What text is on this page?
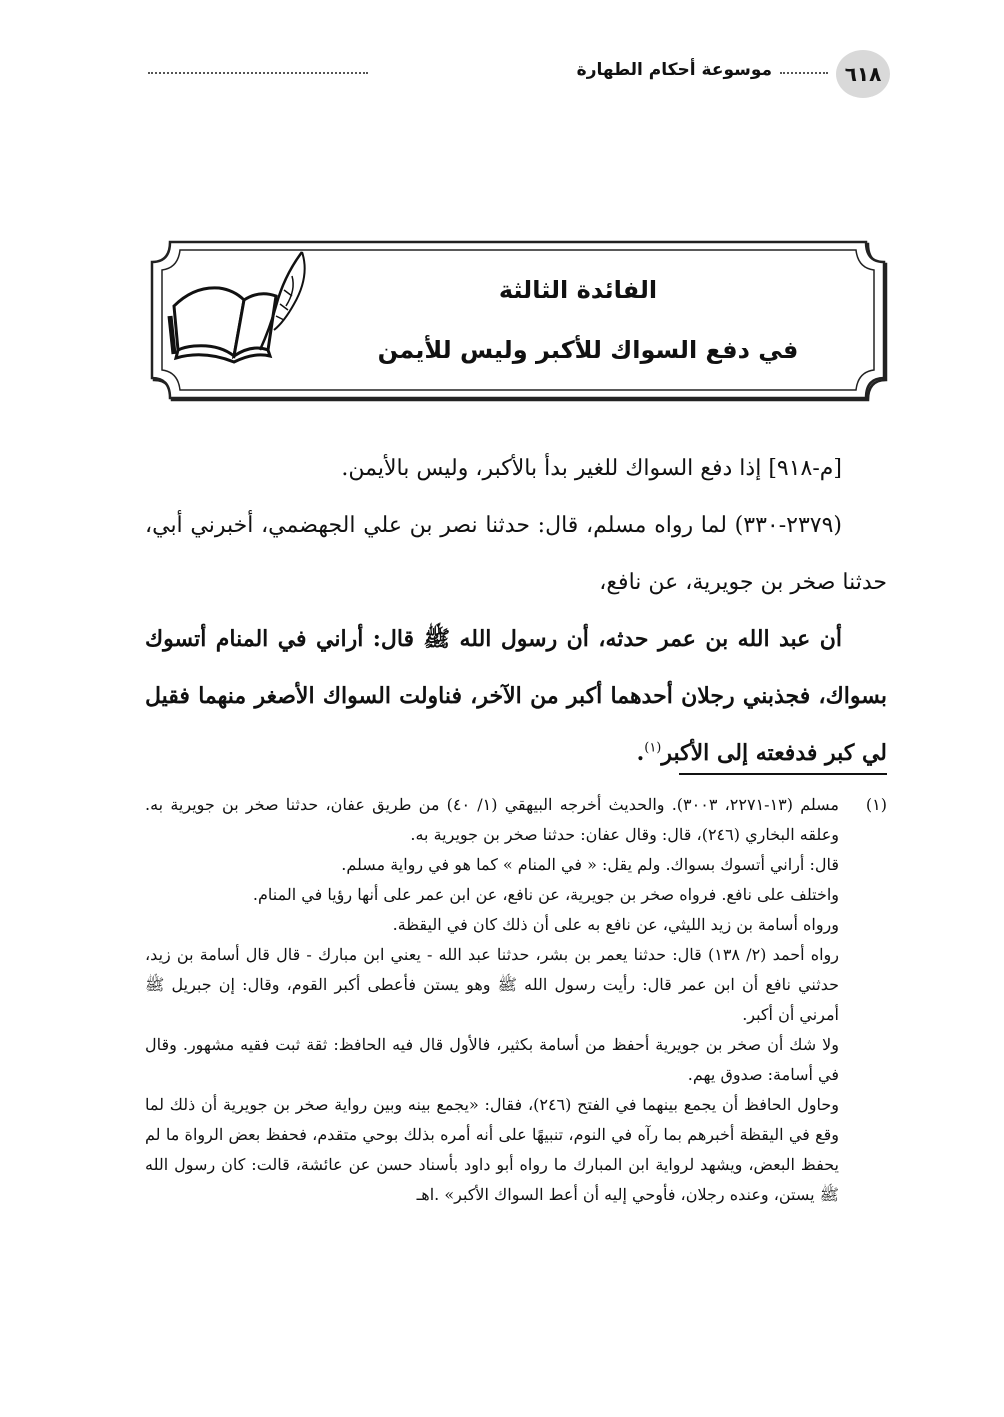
٦١٨
موسوعة أحكام الطهارة
الفائدة الثالثة
في دفع السواك للأكبر وليس للأيمن

[م-٩١٨] إذا دفع السواك للغير بدأ بالأكبر، وليس بالأيمن.

(٢٣٧٩-٣٣٠) لما رواه مسلم، قال: حدثنا نصر بن علي الجهضمي، أخبرني أبي، حدثنا صخر بن جويرية، عن نافع،

أن عبد الله بن عمر حدثه، أن رسول الله ﷺ قال: أراني في المنام أتسوك بسواك، فجذبني رجلان أحدهما أكبر من الآخر، فناولت السواك الأصغر منهما فقيل لي كبر فدفعته إلى الأكبر$^{(١)}$.

(١)

مسلم (١٣-٢٢٧١، ٣٠٠٣). والحديث أخرجه البيهقي (١/ ٤٠) من طريق عفان، حدثنا صخر بن جويرية به. وعلقه البخاري (٢٤٦)، قال: وقال عفان: حدثنا صخر بن جويرية به.

قال: أراني أتسوك بسواك. ولم يقل: « في المنام » كما هو في رواية مسلم.

واختلف على نافع. فرواه صخر بن جويرية، عن نافع، عن ابن عمر على أنها رؤيا في المنام.

ورواه أسامة بن زيد الليثي، عن نافع به على أن ذلك كان في اليقظة.

رواه أحمد (٢/ ١٣٨) قال: حدثنا يعمر بن بشر، حدثنا عبد الله - يعني ابن مبارك - قال قال أسامة بن زيد، حدثني نافع أن ابن عمر قال: رأيت رسول الله ﷺ وهو يستن فأعطى أكبر القوم، وقال: إن جبريل ﷺ أمرني أن أكبر.

ولا شك أن صخر بن جويرية أحفظ من أسامة بكثير، فالأول قال فيه الحافظ: ثقة ثبت فقيه مشهور. وقال في أسامة: صدوق يهم.

وحاول الحافظ أن يجمع بينهما في الفتح (٢٤٦)، فقال: «يجمع بينه وبين رواية صخر بن جويرية أن ذلك لما وقع في اليقظة أخبرهم بما رآه في النوم، تنبيهًا على أنه أمره بذلك بوحي متقدم، فحفظ بعض الرواة ما لم يحفظ البعض، ويشهد لرواية ابن المبارك ما رواه أبو داود بأسناد حسن عن عائشة، قالت: كان رسول الله ﷺ يستن، وعنده رجلان، فأوحي إليه أن أعط السواك الأكبر» .اهـ
